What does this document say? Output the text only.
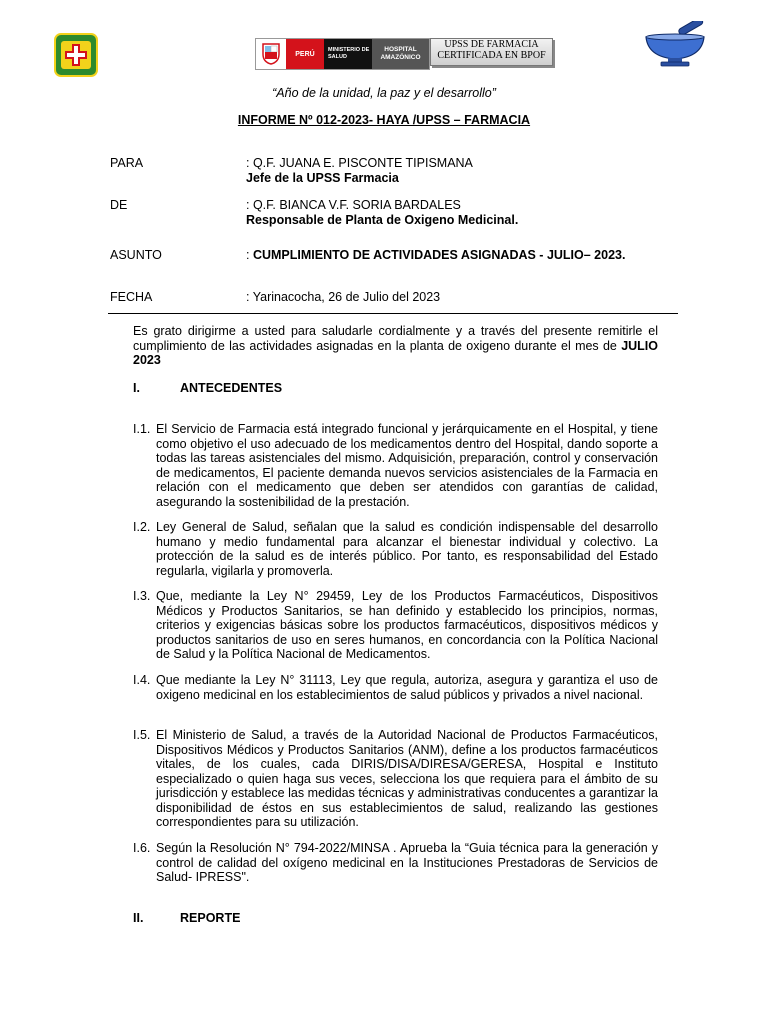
PERÚ
MINISTERIO DE SALUD
HOSPITAL AMAZÓNICO
UPSS DE FARMACIA CERTIFICADA EN BPOF
“Año de la unidad, la paz y el desarrollo”
INFORME Nº 012-2023- HAYA /UPSS – FARMACIA
PARA	: Q.F. JUANA E. PISCONTE TIPISMANA
Jefe de la UPSS Farmacia
DE	: Q.F. BIANCA V.F. SORIA BARDALES
Responsable de Planta de Oxigeno Medicinal.
ASUNTO	: CUMPLIMIENTO DE ACTIVIDADES ASIGNADAS - JULIO– 2023.
FECHA	: Yarinacocha, 26 de Julio del 2023
Es grato dirigirme a usted para saludarle cordialmente y a través del presente remitirle el cumplimiento de las actividades asignadas en la planta de oxigeno durante el mes de JULIO 2023
I.	ANTECEDENTES
I.1. El Servicio de Farmacia está integrado funcional y jerárquicamente en el Hospital, y tiene como objetivo el uso adecuado de los medicamentos dentro del Hospital, dando soporte a todas las tareas asistenciales del mismo. Adquisición, preparación, control y conservación de medicamentos, El paciente demanda nuevos servicios asistenciales de la Farmacia en relación con el medicamento que deben ser atendidos con garantías de calidad, asegurando la sostenibilidad de la prestación.
I.2. Ley General de Salud, señalan que la salud es condición indispensable del desarrollo humano y medio fundamental para alcanzar el bienestar individual y colectivo. La protección de la salud es de interés público. Por tanto, es responsabilidad del Estado regularla, vigilarla y promoverla.
I.3. Que, mediante la Ley N° 29459, Ley de los Productos Farmacéuticos, Dispositivos Médicos y Productos Sanitarios, se han definido y establecido los principios, normas, criterios y exigencias básicas sobre los productos farmacéuticos, dispositivos médicos y productos sanitarios de uso en seres humanos, en concordancia con la Política Nacional de Salud y la Política Nacional de Medicamentos.
I.4. Que mediante la Ley N° 31113, Ley que regula, autoriza, asegura y garantiza el uso de oxigeno medicinal en los establecimientos de salud públicos y privados a nivel nacional.
I.5. El Ministerio de Salud, a través de la Autoridad Nacional de Productos Farmacéuticos, Dispositivos Médicos y Productos Sanitarios (ANM), define a los productos farmacéuticos vitales, de los cuales, cada DIRIS/DISA/DIRESA/GERESA, Hospital e Instituto especializado o quien haga sus veces, selecciona los que requiera para el ámbito de su jurisdicción y establece las medidas técnicas y administrativas conducentes a garantizar la disponibilidad de éstos en sus establecimientos de salud, realizando las gestiones correspondientes para su utilización.
I.6. Según la Resolución N° 794-2022/MINSA . Aprueba la “Guia técnica para la generación y control de calidad del oxígeno medicinal en la Instituciones Prestadoras de Servicios de Salud- IPRESS".
II.	REPORTE
